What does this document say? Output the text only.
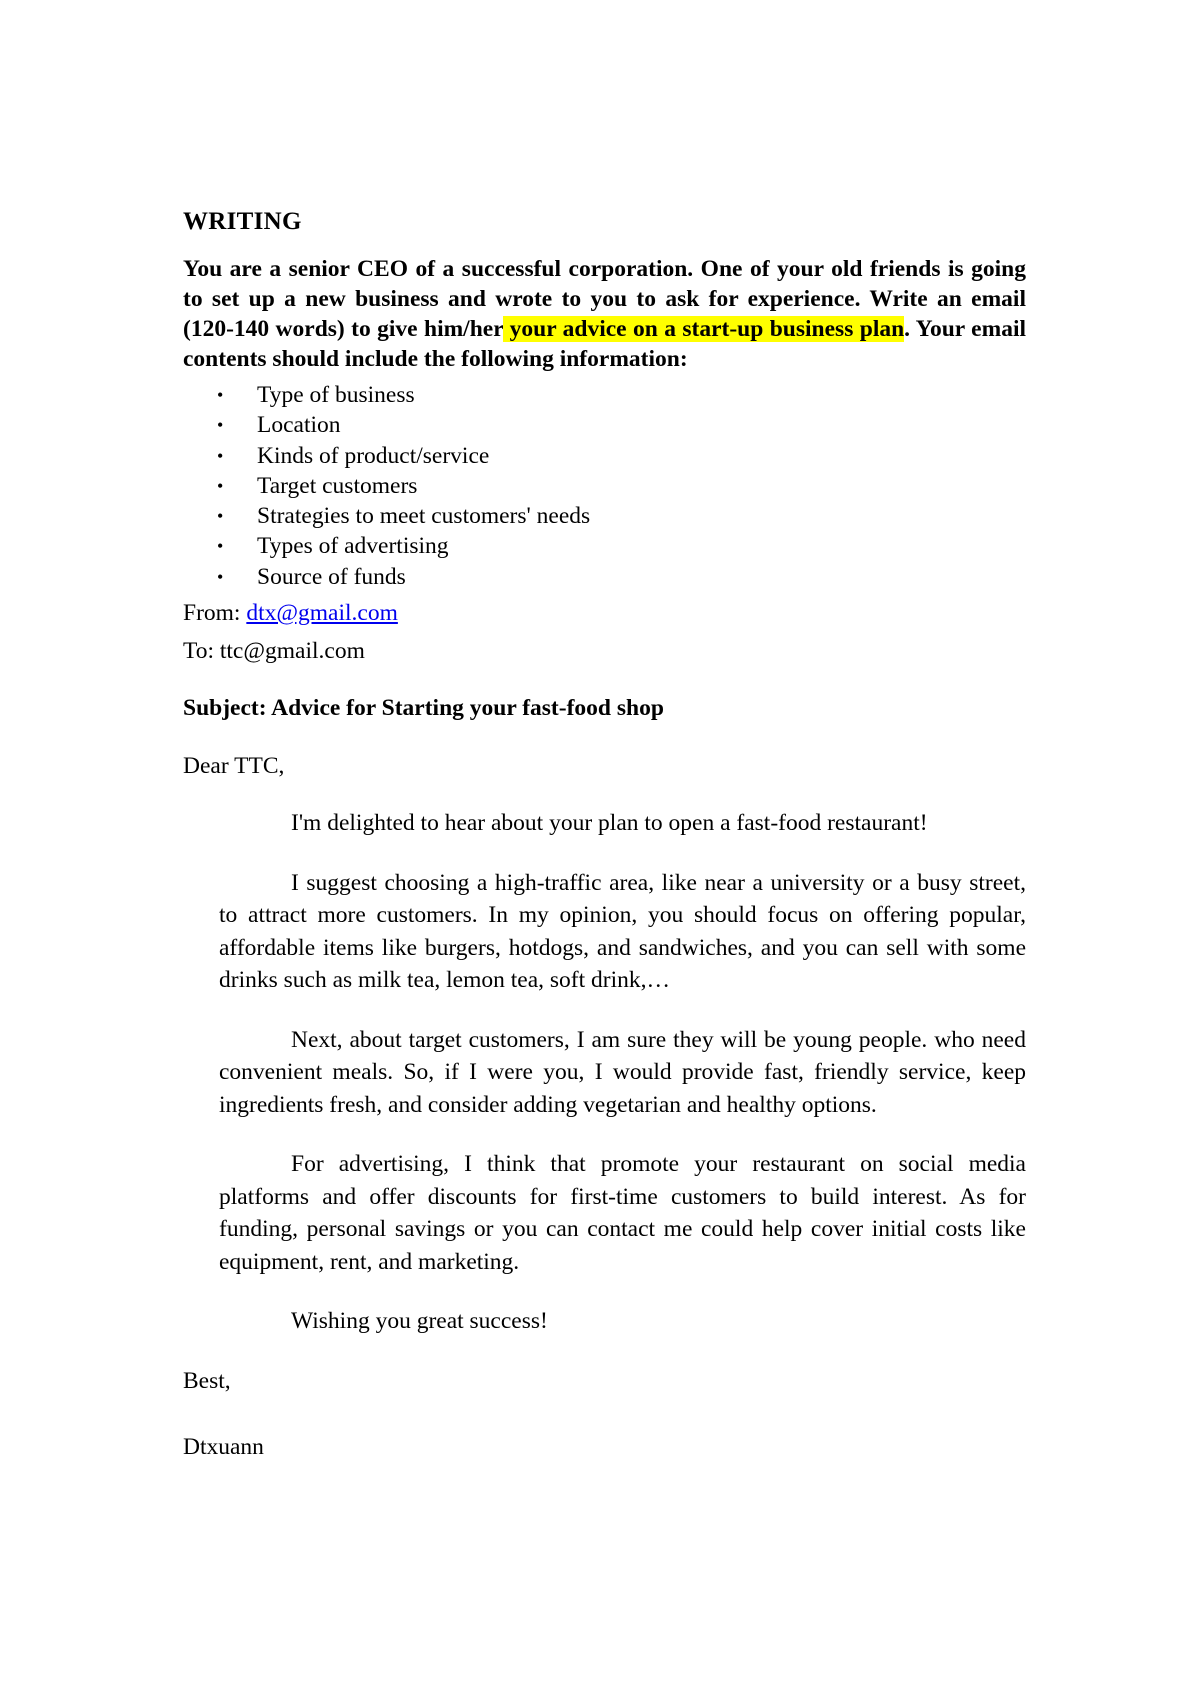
WRITING

You are a senior CEO of a successful corporation. One of your old friends is going to set up a new business and wrote to you to ask for experience. Write an email (120-140 words) to give him/her your advice on a start-up business plan. Your email contents should include the following information:

• Type of business
• Location
• Kinds of product/service
• Target customers
• Strategies to meet customers' needs
• Types of advertising
• Source of funds

From: dtx@gmail.com

To: ttc@gmail.com

Subject: Advice for Starting your fast-food shop

Dear TTC,

I'm delighted to hear about your plan to open a fast-food restaurant!

I suggest choosing a high-traffic area, like near a university or a busy street, to attract more customers. In my opinion, you should focus on offering popular, affordable items like burgers, hotdogs, and sandwiches, and you can sell with some drinks such as milk tea, lemon tea, soft drink,…

Next, about target customers, I am sure they will be young people. who need convenient meals. So, if I were you, I would provide fast, friendly service, keep ingredients fresh, and consider adding vegetarian and healthy options.

For advertising, I think that promote your restaurant on social media platforms and offer discounts for first-time customers to build interest. As for funding, personal savings or you can contact me could help cover initial costs like equipment, rent, and marketing.

Wishing you great success!

Best,

Dtxuann
